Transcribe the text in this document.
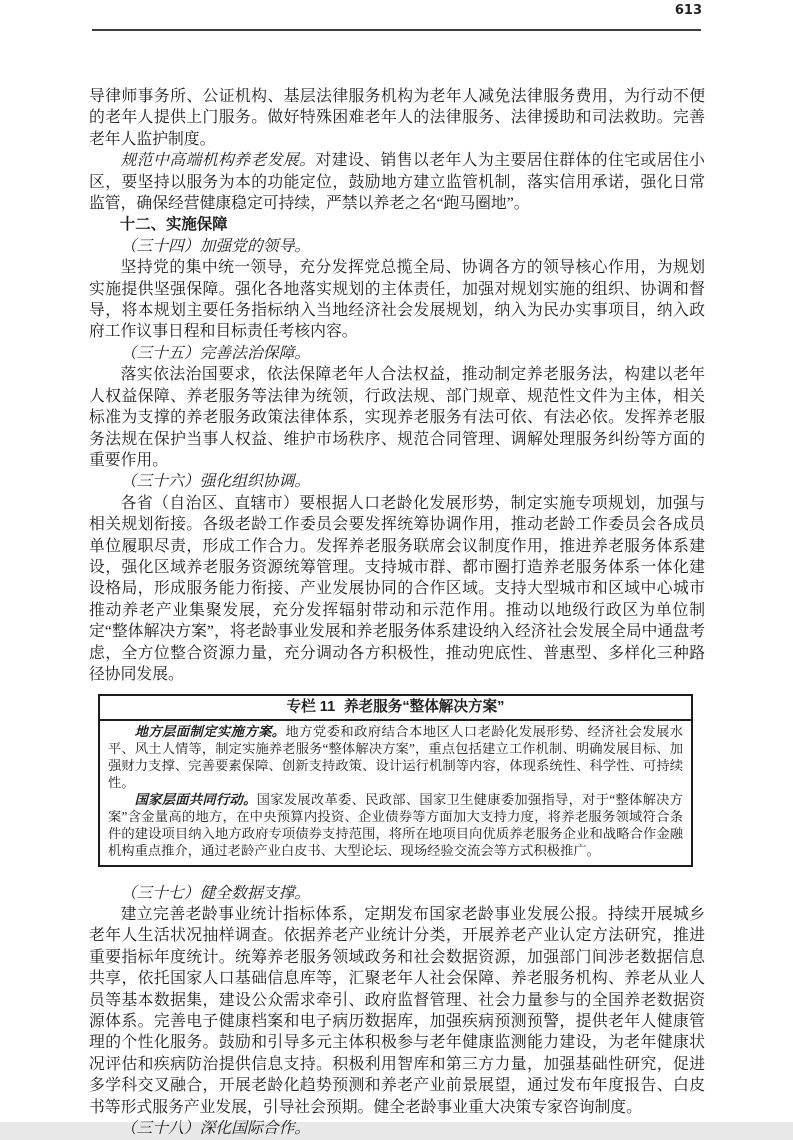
613

导律师事务所、公证机构、基层法律服务机构为老年人减免法律服务费用，为行动不便的老年人提供上门服务。做好特殊困难老年人的法律服务、法律援助和司法救助。完善老年人监护制度。

规范中高端机构养老发展。对建设、销售以老年人为主要居住群体的住宅或居住小区，要坚持以服务为本的功能定位，鼓励地方建立监管机制，落实信用承诺，强化日常监管，确保经营健康稳定可持续，严禁以养老之名“跑马圈地”。

十二、实施保障

（三十四）加强党的领导。

坚持党的集中统一领导，充分发挥党总揽全局、协调各方的领导核心作用，为规划实施提供坚强保障。强化各地落实规划的主体责任，加强对规划实施的组织、协调和督导，将本规划主要任务指标纳入当地经济社会发展规划，纳入为民办实事项目，纳入政府工作议事日程和目标责任考核内容。

（三十五）完善法治保障。

落实依法治国要求，依法保障老年人合法权益，推动制定养老服务法，构建以老年人权益保障、养老服务等法律为统领，行政法规、部门规章、规范性文件为主体，相关标准为支撑的养老服务政策法律体系，实现养老服务有法可依、有法必依。发挥养老服务法规在保护当事人权益、维护市场秩序、规范合同管理、调解处理服务纠纷等方面的重要作用。

（三十六）强化组织协调。

各省（自治区、直辖市）要根据人口老龄化发展形势，制定实施专项规划，加强与相关规划衔接。各级老龄工作委员会要发挥统筹协调作用，推动老龄工作委员会各成员单位履职尽责，形成工作合力。发挥养老服务联席会议制度作用，推进养老服务体系建设，强化区域养老服务资源统筹管理。支持城市群、都市圈打造养老服务体系一体化建设格局，形成服务能力衔接、产业发展协同的合作区域。支持大型城市和区域中心城市推动养老产业集聚发展，充分发挥辐射带动和示范作用。推动以地级行政区为单位制定“整体解决方案”，将老龄事业发展和养老服务体系建设纳入经济社会发展全局中通盘考虑，全方位整合资源力量，充分调动各方积极性，推动兜底性、普惠型、多样化三种路径协同发展。

专栏 11 养老服务“整体解决方案”

地方层面制定实施方案。地方党委和政府结合本地区人口老龄化发展形势、经济社会发展水平、风土人情等，制定实施养老服务“整体解决方案”，重点包括建立工作机制、明确发展目标、加强财力支撑、完善要素保障、创新支持政策、设计运行机制等内容，体现系统性、科学性、可持续性。

国家层面共同行动。国家发展改革委、民政部、国家卫生健康委加强指导，对于“整体解决方案”含金量高的地方，在中央预算内投资、企业债券等方面加大支持力度，将养老服务领域符合条件的建设项目纳入地方政府专项债券支持范围，将所在地项目向优质养老服务企业和战略合作金融机构重点推介，通过老龄产业白皮书、大型论坛、现场经验交流会等方式积极推广。

（三十七）健全数据支撑。

建立完善老龄事业统计指标体系，定期发布国家老龄事业发展公报。持续开展城乡老年人生活状况抽样调查。依据养老产业统计分类，开展养老产业认定方法研究，推进重要指标年度统计。统筹养老服务领域政务和社会数据资源，加强部门间涉老数据信息共享，依托国家人口基础信息库等，汇聚老年人社会保障、养老服务机构、养老从业人员等基本数据集，建设公众需求牵引、政府监督管理、社会力量参与的全国养老数据资源体系。完善电子健康档案和电子病历数据库，加强疾病预测预警，提供老年人健康管理的个性化服务。鼓励和引导多元主体积极参与老年健康监测能力建设，为老年健康状况评估和疾病防治提供信息支持。积极利用智库和第三方力量，加强基础性研究，促进多学科交叉融合，开展老龄化趋势预测和养老产业前景展望，通过发布年度报告、白皮书等形式服务产业发展，引导社会预期。健全老龄事业重大决策专家咨询制度。

（三十八）深化国际合作。
